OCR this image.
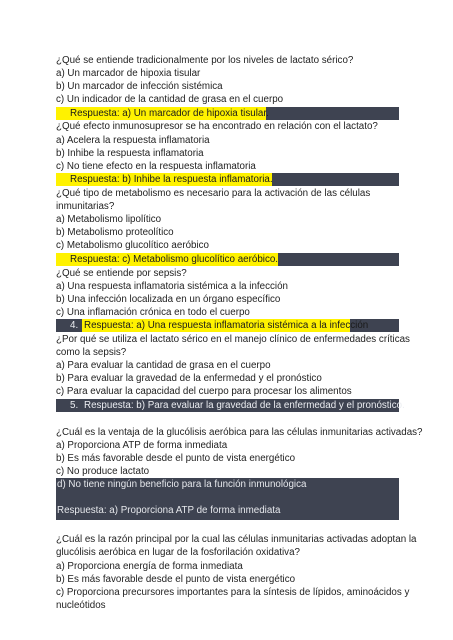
¿Qué se entiende tradicionalmente por los niveles de lactato sérico?
a) Un marcador de hipoxia tisular
b) Un marcador de infección sistémica
c) Un indicador de la cantidad de grasa en el cuerpo
Respuesta: a) Un marcador de hipoxia tisular.
¿Qué efecto inmunosupresor se ha encontrado en relación con el lactato?
a) Acelera la respuesta inflamatoria
b) Inhibe la respuesta inflamatoria
c) No tiene efecto en la respuesta inflamatoria
Respuesta: b) Inhibe la respuesta inflamatoria.
¿Qué tipo de metabolismo es necesario para la activación de las células
inmunitarias?
a) Metabolismo lipolítico
b) Metabolismo proteolítico
c) Metabolismo glucolítico aeróbico
Respuesta: c) Metabolismo glucolítico aeróbico.
¿Qué se entiende por sepsis?
a) Una respuesta inflamatoria sistémica a la infección
b) Una infección localizada en un órgano específico
c) Una inflamación crónica en todo el cuerpo
4. Respuesta: a) Una respuesta inflamatoria sistémica a la infección
¿Por qué se utiliza el lactato sérico en el manejo clínico de enfermedades críticas
como la sepsis?
a) Para evaluar la cantidad de grasa en el cuerpo
b) Para evaluar la gravedad de la enfermedad y el pronóstico
c) Para evaluar la capacidad del cuerpo para procesar los alimentos
5. Respuesta: b) Para evaluar la gravedad de la enfermedad y el pronóstico.
¿Cuál es la ventaja de la glucólisis aeróbica para las células inmunitarias activadas?
a) Proporciona ATP de forma inmediata
b) Es más favorable desde el punto de vista energético
c) No produce lactato
d) No tiene ningún beneficio para la función inmunológica
Respuesta: a) Proporciona ATP de forma inmediata
¿Cuál es la razón principal por la cual las células inmunitarias activadas adoptan la
glucólisis aeróbica en lugar de la fosforilación oxidativa?
a) Proporciona energía de forma inmediata
b) Es más favorable desde el punto de vista energético
c) Proporciona precursores importantes para la síntesis de lípidos, aminoácidos y
nucleótidos
